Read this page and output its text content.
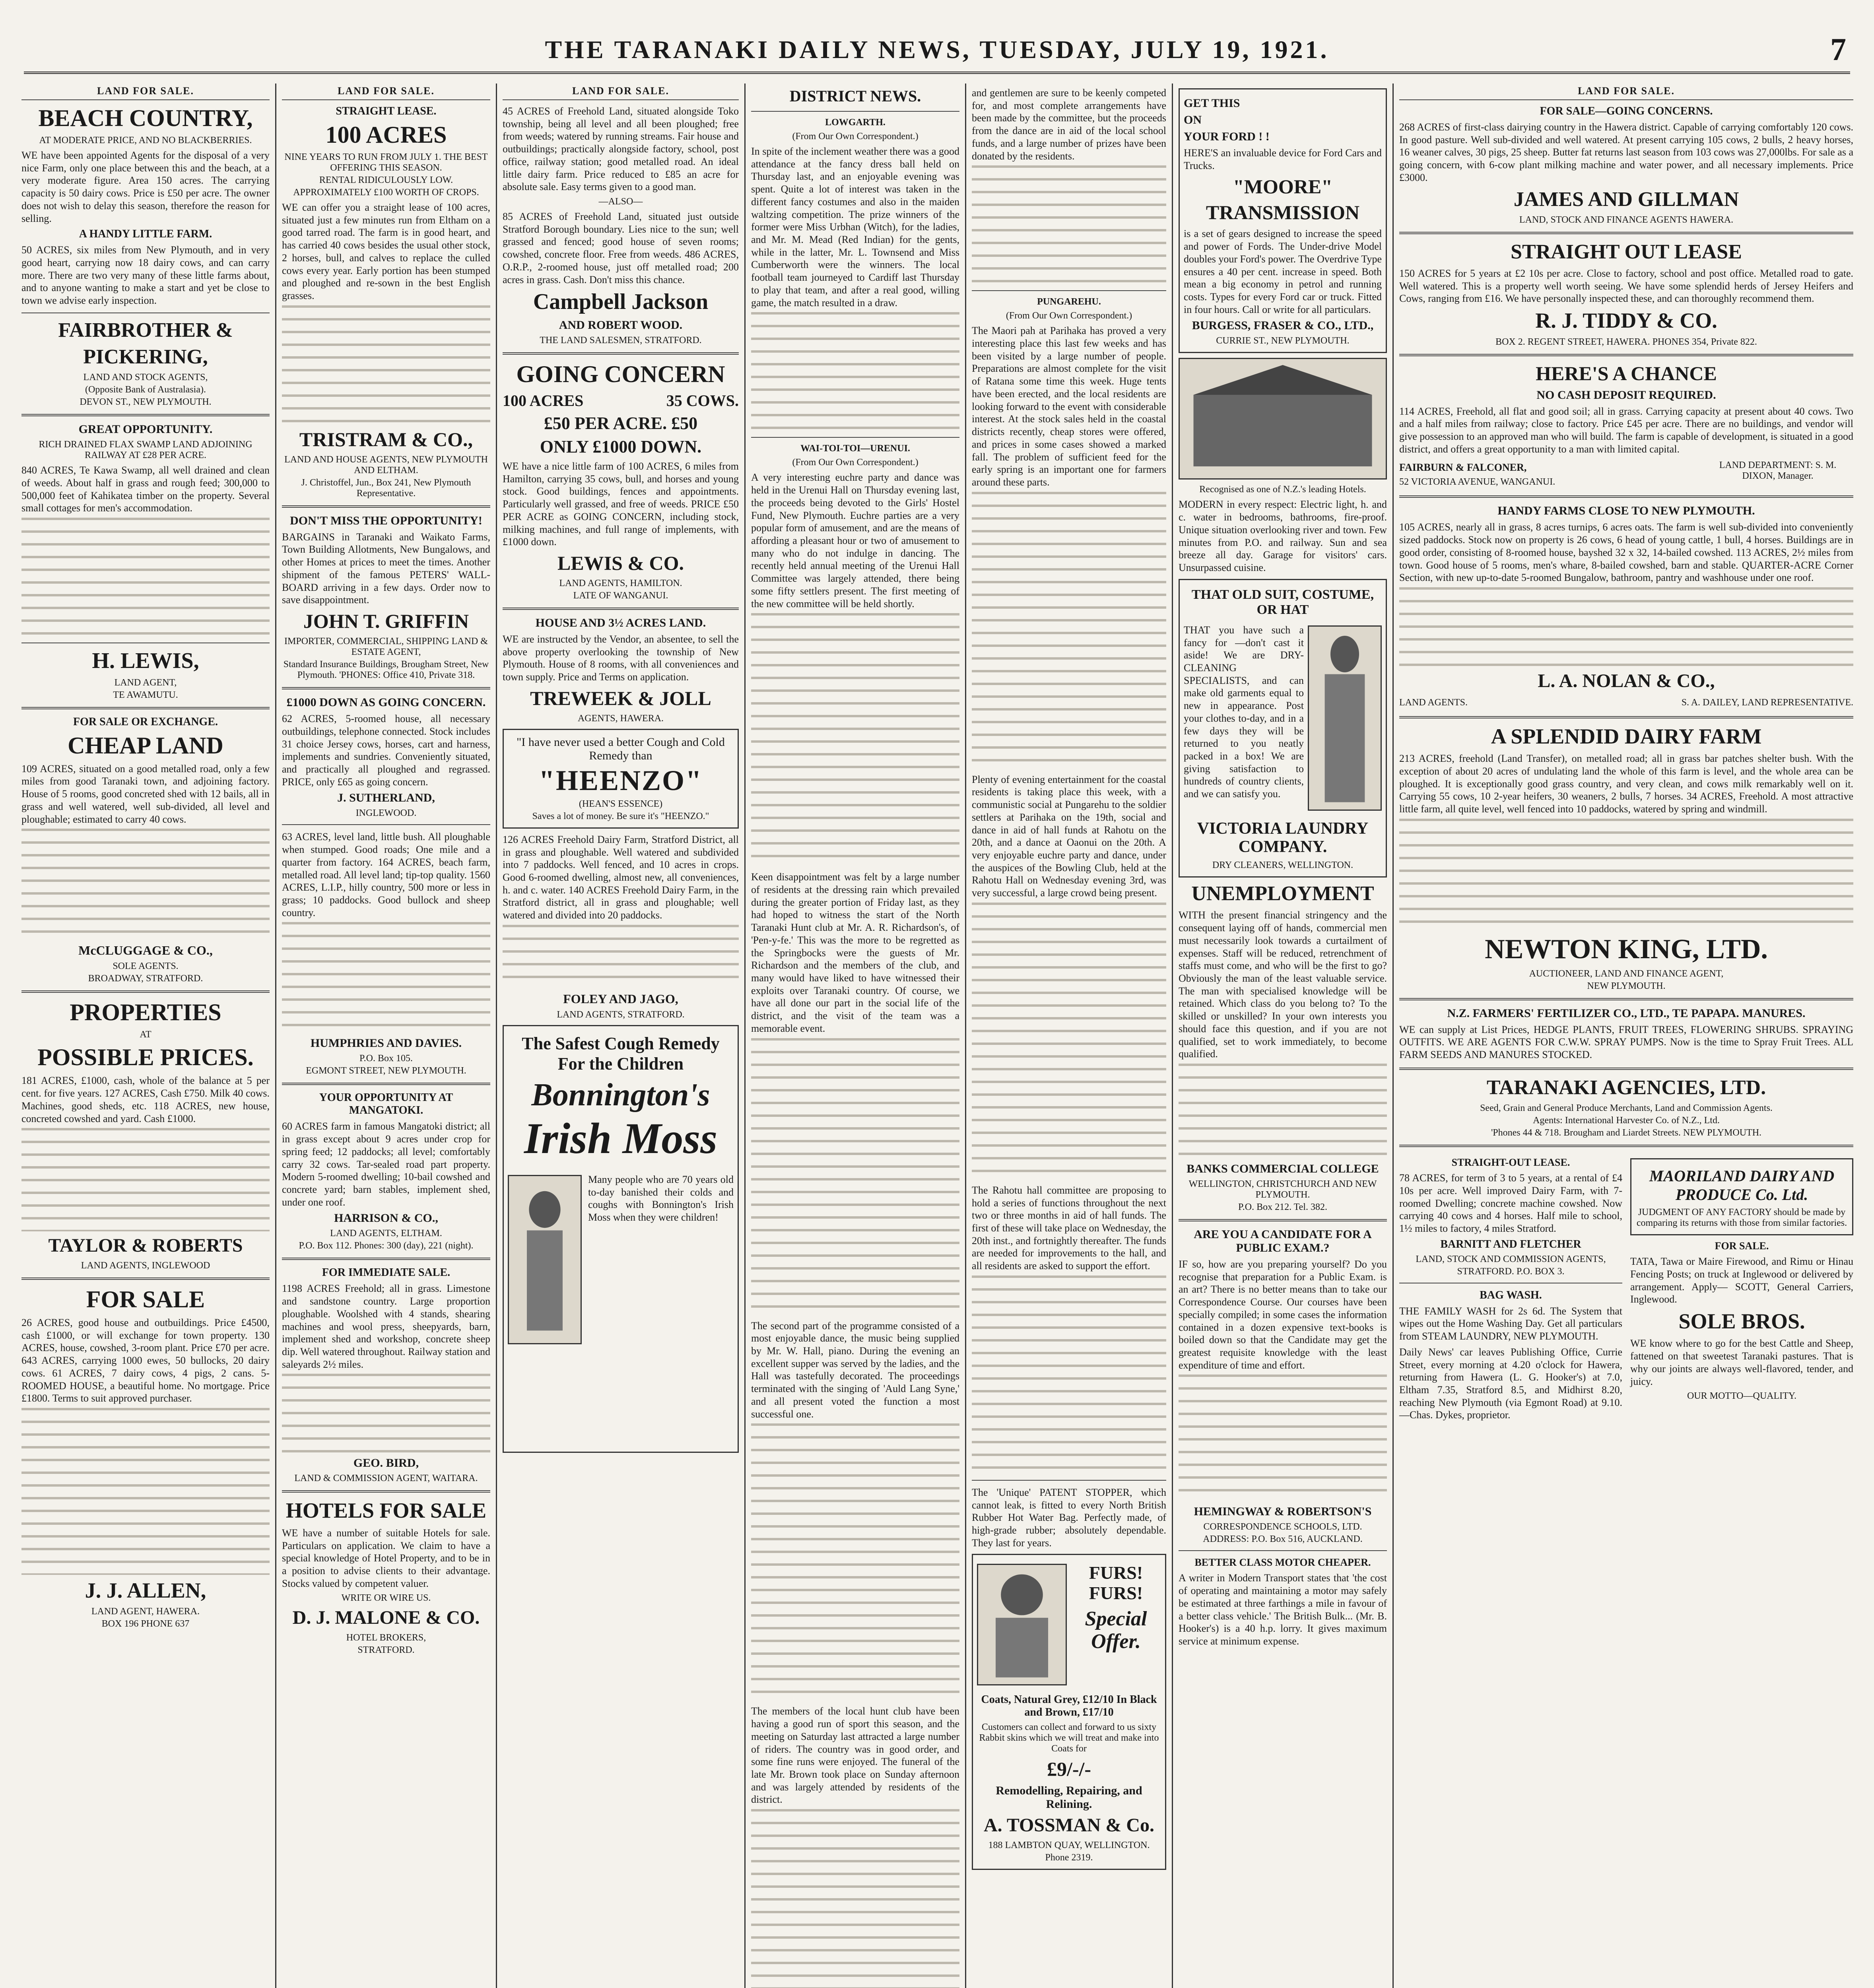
THE TARANAKI DAILY NEWS, TUESDAY, JULY 19, 1921.	7
LAND FOR SALE.
BEACH COUNTRY,
AT MODERATE PRICE, AND NO BLACKBERRIES.
WE have been appointed Agents for the disposal of a very nice Farm, only one place between this and the beach, at a very moderate figure. Area 150 acres. The carrying capacity is 50 dairy cows. Price is £50 per acre. The owner does not wish to delay this season, therefore the reason for selling.
A HANDY LITTLE FARM.
50 ACRES, six miles from New Plymouth, and in very good heart, carrying now 18 dairy cows, and can carry more. There are two very many of these little farms about, and to anyone wanting to make a start and yet be close to town we advise early inspection.
FAIRBROTHER &
PICKERING,
LAND AND STOCK AGENTS,
(Opposite Bank of Australasia).
DEVON ST., NEW PLYMOUTH.
GREAT OPPORTUNITY.
RICH DRAINED FLAX SWAMP LAND ADJOINING RAILWAY AT £28 PER ACRE.
840 ACRES, Te Kawa Swamp, all well drained and clean of weeds. About half in grass and rough feed; 300,000 to 500,000 feet of Kahikatea timber on the property. Several small cottages for men's accommodation.
H. LEWIS,
LAND AGENT,
TE AWAMUTU.
FOR SALE OR EXCHANGE.
CHEAP LAND
109 ACRES, situated on a good metalled road, only a few miles from good Taranaki town, and adjoining factory. House of 5 rooms, good concreted shed with 12 bails, all in grass and well watered, well sub-divided, all level and ploughable; estimated to carry 40 cows.
McCLUGGAGE & CO.,
SOLE AGENTS.
BROADWAY, STRATFORD.
PROPERTIES
AT
POSSIBLE PRICES.
181 ACRES, £1000, cash, whole of the balance at 5 per cent. for five years. 127 ACRES, Cash £750. Milk 40 cows. Machines, good sheds, etc. 118 ACRES, new house, concreted cowshed and yard. Cash £1000.
TAYLOR & ROBERTS
LAND AGENTS, INGLEWOOD
FOR SALE
26 ACRES, good house and outbuildings. Price £4500, cash £1000, or will exchange for town property. 130 ACRES, house, cowshed, 3-room plant. Price £70 per acre. 643 ACRES, carrying 1000 ewes, 50 bullocks, 20 dairy cows. 61 ACRES, 7 dairy cows, 4 pigs, 2 cans. 5-ROOMED HOUSE, a beautiful home. No mortgage. Price £1800. Terms to suit approved purchaser.
J. J. ALLEN,
LAND AGENT, HAWERA.
BOX 196 PHONE 637
LAND FOR SALE.
STRAIGHT LEASE.
100 ACRES
NINE YEARS TO RUN FROM JULY 1. THE BEST OFFERING THIS SEASON.
RENTAL RIDICULOUSLY LOW.
APPROXIMATELY £100 WORTH OF CROPS.
WE can offer you a straight lease of 100 acres, situated just a few minutes run from Eltham on a good tarred road. The farm is in good heart, and has carried 40 cows besides the usual other stock, 2 horses, bull, and calves to replace the culled cows every year. Early portion has been stumped and ploughed and re-sown in the best English grasses.
TRISTRAM & CO.,
LAND AND HOUSE AGENTS, NEW PLYMOUTH AND ELTHAM.
J. Christoffel, Jun., Box 241, New Plymouth Representative.
DON'T MISS THE OPPORTUNITY!
BARGAINS in Taranaki and Waikato Farms, Town Building Allotments, New Bungalows, and other Homes at prices to meet the times. Another shipment of the famous PETERS' WALL-BOARD arriving in a few days. Order now to save disappointment.
JOHN T. GRIFFIN
IMPORTER, COMMERCIAL, SHIPPING LAND & ESTATE AGENT,
Standard Insurance Buildings, Brougham Street, New Plymouth. 'PHONES: Office 410, Private 318.
£1000 DOWN AS GOING CONCERN.
62 ACRES, 5-roomed house, all necessary outbuildings, telephone connected. Stock includes 31 choice Jersey cows, horses, cart and harness, implements and sundries. Conveniently situated, and practically all ploughed and regrassed. PRICE, only £65 as going concern.
J. SUTHERLAND,
INGLEWOOD.
63 ACRES, level land, little bush. All ploughable when stumped. Good roads; One mile and a quarter from factory. 164 ACRES, beach farm, metalled road. All level land; tip-top quality. 1560 ACRES, L.I.P., hilly country, 500 more or less in grass; 10 paddocks. Good bullock and sheep country.
HUMPHRIES AND DAVIES.
P.O. Box 105.
EGMONT STREET, NEW PLYMOUTH.
YOUR OPPORTUNITY AT MANGATOKI.
60 ACRES farm in famous Mangatoki district; all in grass except about 9 acres under crop for spring feed; 12 paddocks; all level; comfortably carry 32 cows. Tar-sealed road part property. Modern 5-roomed dwelling; 10-bail cowshed and concrete yard; barn stables, implement shed, under one roof.
HARRISON & CO.,
LAND AGENTS, ELTHAM.
P.O. Box 112. Phones: 300 (day), 221 (night).
FOR IMMEDIATE SALE.
1198 ACRES Freehold; all in grass. Limestone and sandstone country. Large proportion ploughable. Woolshed with 4 stands, shearing machines and wool press, sheepyards, barn, implement shed and workshop, concrete sheep dip. Well watered throughout. Railway station and saleyards 2½ miles.
GEO. BIRD,
LAND & COMMISSION AGENT, WAITARA.
HOTELS FOR SALE
WE have a number of suitable Hotels for sale. Particulars on application. We claim to have a special knowledge of Hotel Property, and to be in a position to advise clients to their advantage. Stocks valued by competent valuer.
WRITE OR WIRE US.
D. J. MALONE & CO.
HOTEL BROKERS,
STRATFORD.
LAND FOR SALE.
45 ACRES of Freehold Land, situated alongside Toko township, being all level and all been ploughed; free from weeds; watered by running streams. Fair house and outbuildings; practically alongside factory, school, post office, railway station; good metalled road. An ideal little dairy farm. Price reduced to £85 an acre for absolute sale. Easy terms given to a good man.
—ALSO—
85 ACRES of Freehold Land, situated just outside Stratford Borough boundary. Lies nice to the sun; well grassed and fenced; good house of seven rooms; cowshed, concrete floor. Free from weeds. 486 ACRES, O.R.P., 2-roomed house, just off metalled road; 200 acres in grass. Cash. Don't miss this chance.
Campbell Jackson
AND ROBERT WOOD.
THE LAND SALESMEN, STRATFORD.
GOING CONCERN
100 ACRES	35 COWS.
£50 PER ACRE. £50
ONLY £1000 DOWN.
WE have a nice little farm of 100 ACRES, 6 miles from Hamilton, carrying 35 cows, bull, and horses and young stock. Good buildings, fences and appointments. Particularly well grassed, and free of weeds. PRICE £50 PER ACRE as GOING CONCERN, including stock, milking machines, and full range of implements, with £1000 down.
LEWIS & CO.
LAND AGENTS, HAMILTON.
LATE OF WANGANUI.
HOUSE AND 3½ ACRES LAND.
WE are instructed by the Vendor, an absentee, to sell the above property overlooking the township of New Plymouth. House of 8 rooms, with all conveniences and town supply. Price and Terms on application.
TREWEEK & JOLL
AGENTS, HAWERA.
"I have never used a better Cough and Cold Remedy than
"HEENZO"
(HEAN'S ESSENCE)
Saves a lot of money. Be sure it's "HEENZO."
126 ACRES Freehold Dairy Farm, Stratford District, all in grass and ploughable. Well watered and subdivided into 7 paddocks. Well fenced, and 10 acres in crops. Good 6-roomed dwelling, almost new, all conveniences, h. and c. water. 140 ACRES Freehold Dairy Farm, in the Stratford district, all in grass and ploughable; well watered and divided into 20 paddocks.
FOLEY AND JAGO,
LAND AGENTS, STRATFORD.
The Safest Cough Remedy For the Children
Bonnington's
Irish Moss
Many people who are 70 years old to-day banished their colds and coughs with Bonnington's Irish Moss when they were children!
DISTRICT NEWS.
LOWGARTH.
(From Our Own Correspondent.)
In spite of the inclement weather there was a good attendance at the fancy dress ball held on Thursday last, and an enjoyable evening was spent. Quite a lot of interest was taken in the different fancy costumes and also in the maiden waltzing competition. The prize winners of the former were Miss Urbhan (Witch), for the ladies, and Mr. M. Mead (Red Indian) for the gents, while in the latter, Mr. L. Townsend and Miss Cumberworth were the winners. The local football team journeyed to Cardiff last Thursday to play that team, and after a real good, willing game, the match resulted in a draw.
WAI-TOI-TOI—URENUI.
(From Our Own Correspondent.)
A very interesting euchre party and dance was held in the Urenui Hall on Thursday evening last, the proceeds being devoted to the Girls' Hostel Fund, New Plymouth. Euchre parties are a very popular form of amusement, and are the means of affording a pleasant hour or two of amusement to many who do not indulge in dancing. The recently held annual meeting of the Urenui Hall Committee was largely attended, there being some fifty settlers present. The first meeting of the new committee will be held shortly.
Keen disappointment was felt by a large number of residents at the dressing rain which prevailed during the greater portion of Friday last, as they had hoped to witness the start of the North Taranaki Hunt club at Mr. A. R. Richardson's, of 'Pen-y-fe.' This was the more to be regretted as the Springbocks were the guests of Mr. Richardson and the members of the club, and many would have liked to have witnessed their exploits over Taranaki country. Of course, we have all done our part in the social life of the district, and the visit of the team was a memorable event.
The second part of the programme consisted of a most enjoyable dance, the music being supplied by Mr. W. Hall, piano. During the evening an excellent supper was served by the ladies, and the Hall was tastefully decorated. The proceedings terminated with the singing of 'Auld Lang Syne,' and all present voted the function a most successful one.
The members of the local hunt club have been having a good run of sport this season, and the meeting on Saturday last attracted a large number of riders. The country was in good order, and some fine runs were enjoyed. The funeral of the late Mr. Brown took place on Sunday afternoon and was largely attended by residents of the district.
and gentlemen are sure to be keenly competed for, and most complete arrangements have been made by the committee, but the proceeds from the dance are in aid of the local school funds, and a large number of prizes have been donated by the residents.
PUNGAREHU.
(From Our Own Correspondent.)
The Maori pah at Parihaka has proved a very interesting place this last few weeks and has been visited by a large number of people. Preparations are almost complete for the visit of Ratana some time this week. Huge tents have been erected, and the local residents are looking forward to the event with considerable interest. At the stock sales held in the coastal districts recently, cheap stores were offered, and prices in some cases showed a marked fall. The problem of sufficient feed for the early spring is an important one for farmers around these parts.
Plenty of evening entertainment for the coastal residents is taking place this week, with a communistic social at Pungarehu to the soldier settlers at Parihaka on the 19th, social and dance in aid of hall funds at Rahotu on the 20th, and a dance at Oaonui on the 20th. A very enjoyable euchre party and dance, under the auspices of the Bowling Club, held at the Rahotu Hall on Wednesday evening 3rd, was very successful, a large crowd being present.
The Rahotu hall committee are proposing to hold a series of functions throughout the next two or three months in aid of hall funds. The first of these will take place on Wednesday, the 20th inst., and fortnightly thereafter. The funds are needed for improvements to the hall, and all residents are asked to support the effort.
The 'Unique' PATENT STOPPER, which cannot leak, is fitted to every North British Rubber Hot Water Bag. Perfectly made, of high-grade rubber; absolutely dependable. They last for years.
FURS! FURS!
Special Offer.
Coats, Natural Grey, £12/10 In Black and Brown, £17/10
Customers can collect and forward to us sixty Rabbit skins which we will treat and make into Coats for
£9/-/-
Remodelling, Repairing, and Relining.
A. TOSSMAN & Co.
188 LAMBTON QUAY, WELLINGTON.
Phone 2319.
GET THIS
ON
YOUR FORD ! !
HERE'S an invaluable device for Ford Cars and Trucks.
"MOORE"
TRANSMISSION
is a set of gears designed to increase the speed and power of Fords. The Under-drive Model doubles your Ford's power. The Overdrive Type ensures a 40 per cent. increase in speed. Both mean a big economy in petrol and running costs. Types for every Ford car or truck. Fitted in four hours. Call or write for all particulars.
BURGESS, FRASER & CO., LTD.,
CURRIE ST., NEW PLYMOUTH.
Recognised as one of N.Z.'s leading Hotels.
MODERN in every respect: Electric light, h. and c. water in bedrooms, bathrooms, fire-proof. Unique situation overlooking river and town. Few minutes from P.O. and railway. Sun and sea breeze all day. Garage for visitors' cars. Unsurpassed cuisine.
THAT OLD SUIT, COSTUME, OR HAT
THAT you have such a fancy for —don't cast it aside! We are DRY-CLEANING SPECIALISTS, and can make old garments equal to new in appearance. Post your clothes to-day, and in a few days they will be returned to you neatly packed in a box! We are giving satisfaction to hundreds of country clients, and we can satisfy you.
VICTORIA LAUNDRY COMPANY.
DRY CLEANERS, WELLINGTON.
UNEMPLOYMENT
WITH the present financial stringency and the consequent laying off of hands, commercial men must necessarily look towards a curtailment of expenses. Staff will be reduced, retrenchment of staffs must come, and who will be the first to go? Obviously the man of the least valuable service. The man with specialised knowledge will be retained. Which class do you belong to? To the skilled or unskilled? In your own interests you should face this question, and if you are not qualified, set to work immediately, to become qualified.
BANKS COMMERCIAL COLLEGE
WELLINGTON, CHRISTCHURCH AND NEW PLYMOUTH.
P.O. Box 212. Tel. 382.
ARE YOU A CANDIDATE FOR A PUBLIC EXAM.?
IF so, how are you preparing yourself? Do you recognise that preparation for a Public Exam. is an art? There is no better means than to take our Correspondence Course. Our courses have been specially compiled; in some cases the information contained in a dozen expensive text-books is boiled down so that the Candidate may get the greatest requisite knowledge with the least expenditure of time and effort.
HEMINGWAY & ROBERTSON'S
CORRESPONDENCE SCHOOLS, LTD.
ADDRESS: P.O. Box 516, AUCKLAND.
BETTER CLASS MOTOR CHEAPER.
A writer in Modern Transport states that 'the cost of operating and maintaining a motor may safely be estimated at three farthings a mile in favour of a better class vehicle.' The British Bulk... (Mr. B. Hooker's) is a 40 h.p. lorry. It gives maximum service at minimum expense.
LAND FOR SALE.
FOR SALE—GOING CONCERNS.
268 ACRES of first-class dairying country in the Hawera district. Capable of carrying comfortably 120 cows. In good pasture. Well sub-divided and well watered. At present carrying 105 cows, 2 bulls, 2 heavy horses, 16 weaner calves, 30 pigs, 25 sheep. Butter fat returns last season from 103 cows was 27,000lbs. For sale as a going concern, with 6-cow plant milking machine and water power, and all necessary implements. Price £3000.
JAMES AND GILLMAN
LAND, STOCK AND FINANCE AGENTS HAWERA.
STRAIGHT OUT LEASE
150 ACRES for 5 years at £2 10s per acre. Close to factory, school and post office. Metalled road to gate. Well watered. This is a property well worth seeing. We have some splendid herds of Jersey Heifers and Cows, ranging from £16. We have personally inspected these, and can thoroughly recommend them.
R. J. TIDDY & CO.
BOX 2. REGENT STREET, HAWERA. PHONES 354, Private 822.
HERE'S A CHANCE
NO CASH DEPOSIT REQUIRED.
114 ACRES, Freehold, all flat and good soil; all in grass. Carrying capacity at present about 40 cows. Two and a half miles from railway; close to factory. Price £45 per acre. There are no buildings, and vendor will give possession to an approved man who will build. The farm is capable of development, is situated in a good district, and offers a great opportunity to a man with limited capital.
FAIRBURN & FALCONER,
52 VICTORIA AVENUE, WANGANUI.
LAND DEPARTMENT: S. M. DIXON, Manager.
HANDY FARMS CLOSE TO NEW PLYMOUTH.
105 ACRES, nearly all in grass, 8 acres turnips, 6 acres oats. The farm is well sub-divided into conveniently sized paddocks. Stock now on property is 26 cows, 6 head of young cattle, 1 bull, 4 horses. Buildings are in good order, consisting of 8-roomed house, bayshed 32 x 32, 14-bailed cowshed. 113 ACRES, 2½ miles from town. Good house of 5 rooms, men's whare, 8-bailed cowshed, barn and stable. QUARTER-ACRE Corner Section, with new up-to-date 5-roomed Bungalow, bathroom, pantry and washhouse under one roof.
L. A. NOLAN & CO.,
LAND AGENTS.	S. A. DAILEY, LAND REPRESENTATIVE.
A SPLENDID DAIRY FARM
213 ACRES, freehold (Land Transfer), on metalled road; all in grass bar patches shelter bush. With the exception of about 20 acres of undulating land the whole of this farm is level, and the whole area can be ploughed. It is exceptionally good grass country, and very clean, and cows milk remarkably well on it. Carrying 55 cows, 10 2-year heifers, 30 weaners, 2 bulls, 7 horses. 34 ACRES, Freehold. A most attractive little farm, all quite level, well fenced into 10 paddocks, watered by spring and windmill.
NEWTON KING, LTD.
AUCTIONEER, LAND AND FINANCE AGENT,
NEW PLYMOUTH.
N.Z. FARMERS' FERTILIZER CO., LTD., TE PAPAPA. MANURES.
WE can supply at List Prices, HEDGE PLANTS, FRUIT TREES, FLOWERING SHRUBS. SPRAYING OUTFITS. WE ARE AGENTS FOR C.W.W. SPRAY PUMPS. Now is the time to Spray Fruit Trees. ALL FARM SEEDS AND MANURES STOCKED.
TARANAKI AGENCIES, LTD.
Seed, Grain and General Produce Merchants, Land and Commission Agents.
Agents: International Harvester Co. of N.Z., Ltd.
'Phones 44 & 718. Brougham and Liardet Streets. NEW PLYMOUTH.
STRAIGHT-OUT LEASE.
78 ACRES, for term of 3 to 5 years, at a rental of £4 10s per acre. Well improved Dairy Farm, with 7-roomed Dwelling; concrete machine cowshed. Now carrying 40 cows and 4 horses. Half mile to school, 1½ miles to factory, 4 miles Stratford.
BARNITT AND FLETCHER
LAND, STOCK AND COMMISSION AGENTS,
STRATFORD. P.O. BOX 3.
BAG WASH.
THE FAMILY WASH for 2s 6d. The System that wipes out the Home Washing Day. Get all particulars from STEAM LAUNDRY, NEW PLYMOUTH.
Daily News' car leaves Publishing Office, Currie Street, every morning at 4.20 o'clock for Hawera, returning from Hawera (L. G. Hooker's) at 7.0, Eltham 7.35, Stratford 8.5, and Midhirst 8.20, reaching New Plymouth (via Egmont Road) at 9.10.—Chas. Dykes, proprietor.
MAORILAND DAIRY AND PRODUCE Co. Ltd.
JUDGMENT OF ANY FACTORY should be made by comparing its returns with those from similar factories.
FOR SALE.
TATA, Tawa or Maire Firewood, and Rimu or Hinau Fencing Posts; on truck at Inglewood or delivered by arrangement. Apply— SCOTT, General Carriers, Inglewood.
SOLE BROS.
WE know where to go for the best Cattle and Sheep, fattened on that sweetest Taranaki pastures. That is why our joints are always well-flavored, tender, and juicy.
OUR MOTTO—QUALITY.
